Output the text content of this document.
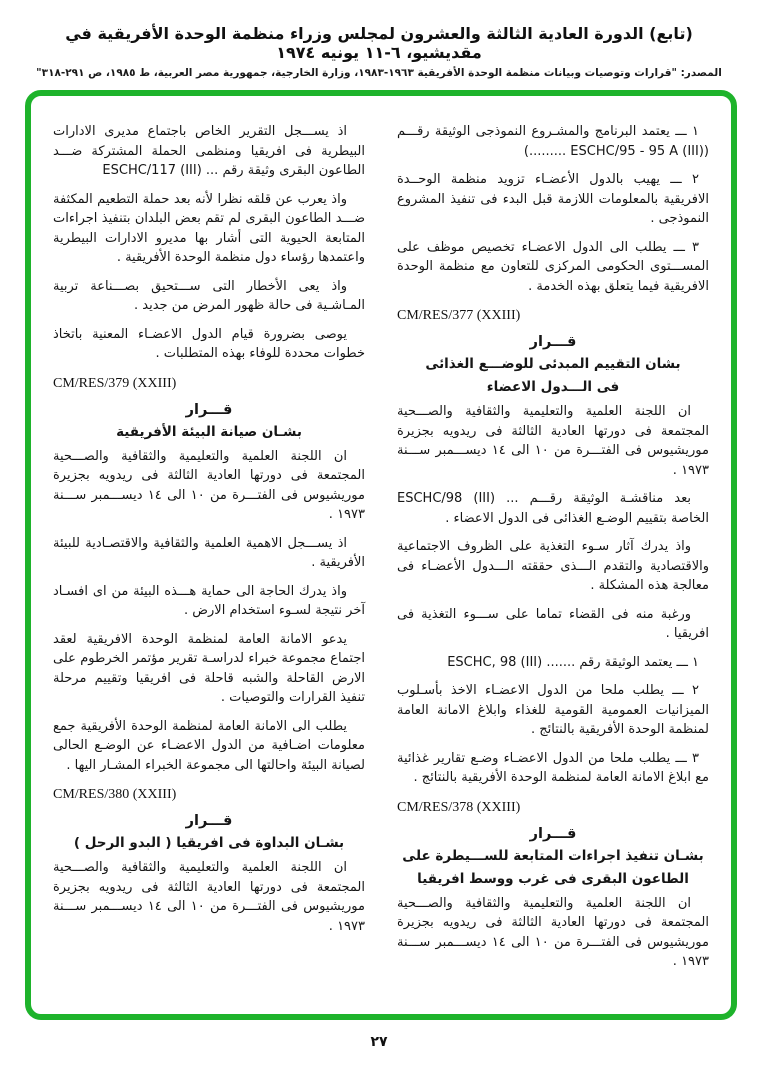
(تابع) الدورة العادية الثالثة والعشرون لمجلس وزراء منظمة الوحدة الأفريقية في مقديشيو، ٦-١١ يونيه ١٩٧٤
المصدر: "قرارات وتوصيات وبيانات منظمة الوحدة الأفريقية ١٩٦٣-١٩٨٣، وزارة الخارجية، جمهورية مصر العربية، ط ١٩٨٥، ص ٢٩١-٣١٨"

١ ـــ يعتمد البرنامج والمشـروع النموذجى الوثيقة رقـــم (ESCHC/95 - 95 A (III) .........)

٢ ـــ يهيب بالدول الأعضـاء تزويد منظمة الوحــدة الافريقية بالمعلومات اللازمة قبل البدء فى تنفيذ المشروع النموذجى .

٣ ـــ يطلب الى الدول الاعضـاء تخصيص موظف على المســـتوى الحكومى المركزى للتعاون مع منظمة الوحدة الافريقية فيما يتعلق بهذه الخدمة .

CM/RES/377 (XXIII)

قـــرار

بشان التقييم المبدئى للوضـــع الغذائى

فى الـــدول الاعضاء

ان اللجنة العلمية والتعليمية والثقافية والصـــحية المجتمعة فى دورتها العادية الثالثة فى ريدويه بجزيرة موريشيوس فى الفتـــرة من ١٠ الى ١٤ ديســـمبر ســـنة ١٩٧٣ .

بعد مناقشـة الوثيقة رقـــم ... ESCHC/98 (III) الخاصة بتقييم الوضـع الغذائى فى الدول الاعضاء .

واذ يدرك آثار سـوء التغذية على الظروف الاجتماعية والاقتصادية والتقدم الـــذى حققته الـــدول الأعضـاء فى معالجة هذه المشكلة .

ورغبة منه فى القضاء تماما على ســـوء التغذية فى افريقيا .

١ ـــ يعتمد الوثيقة رقم ....... ESCHC, 98 (III)

٢ ـــ يطلب ملحا من الدول الاعضـاء الاخذ بأسـلوب الميزانيات العمومية القومية للغذاء وابلاغ الامانة العامة لمنظمة الوحدة الأفريقية بالنتائج .

٣ ـــ يطلب ملحا من الدول الاعضـاء وضـع تقارير غذائية مع ابلاغ الامانة العامة لمنظمة الوحدة الأفريقية بالنتائج .

CM/RES/378 (XXIII)

قـــرار

بشـان تنفيذ اجراءات المتابعة للســـيطرة على

الطاعون البقرى فى غرب ووسط افريقيا

ان اللجنة العلمية والتعليمية والثقافية والصـــحية المجتمعة فى دورتها العادية الثالثة فى ريدويه بجزيرة موريشيوس فى الفتـــرة من ١٠ الى ١٤ ديســـمبر ســـنة ١٩٧٣ .

اذ يســـجل التقرير الخاص باجتماع مديرى الادارات البيطرية فى افريقيا ومنظمى الحملة المشتركة ضـــد الطاعون البقرى وثيقة رقم ... ESCHC/117 (III)

واذ يعرب عن قلقه نظرا لأنه بعد حملة التطعيم المكثفة ضـــد الطاعون البقرى لم تقم بعض البلدان بتنفيذ اجراءات المتابعة الحيوية التى أشار بها مديرو الادارات البيطرية واعتمدها رؤساء دول منظمة الوحدة الأفريقية .

واذ يعى الأخطار التى ســـتحيق بصـــناعة تربية المـاشـية فى حالة ظهور المرض من جديد .

يوصى بضرورة قيام الدول الاعضـاء المعنية باتخاذ خطوات محددة للوفاء بهذه المتطلبات .

CM/RES/379 (XXIII)

قـــرار

بشـان صيانة البيئة الأفريقية

ان اللجنة العلمية والتعليمية والثقافية والصـــحية المجتمعة فى دورتها العادية الثالثة فى ريدويه بجزيرة موريشيوس فى الفتـــرة من ١٠ الى ١٤ ديســـمبر ســـنة ١٩٧٣ .

اذ يســـجل الاهمية العلمية والثقافية والاقتصـادية للبيئة الأفريقية .

واذ يدرك الحاجة الى حماية هـــذه البيئة من اى افسـاد آخر نتيجة لسـوء استخدام الارض .

يدعو الامانة العامة لمنظمة الوحدة الافريقية لعقد اجتماع مجموعة خبراء لدراسـة تقرير مؤتمر الخرطوم على الارض القاحلة والشبه قاحلة فى افريقيا وتقييم مرحلة تنفيذ القرارات والتوصيات .

يطلب الى الامانة العامة لمنظمة الوحدة الأفريقية جمع معلومات اضـافية من الدول الاعضـاء عن الوضـع الحالى لصيانة البيئة واحالتها الى مجموعة الخبراء المشـار اليها .

CM/RES/380 (XXIII)

قـــرار

بشـان البداوة فى افريقيا ( البدو الرحل )

ان اللجنة العلمية والتعليمية والثقافية والصـــحية المجتمعة فى دورتها العادية الثالثة فى ريدويه بجزيرة موريشيوس فى الفتـــرة من ١٠ الى ١٤ ديســـمبر ســـنة ١٩٧٣ .

٢٧
